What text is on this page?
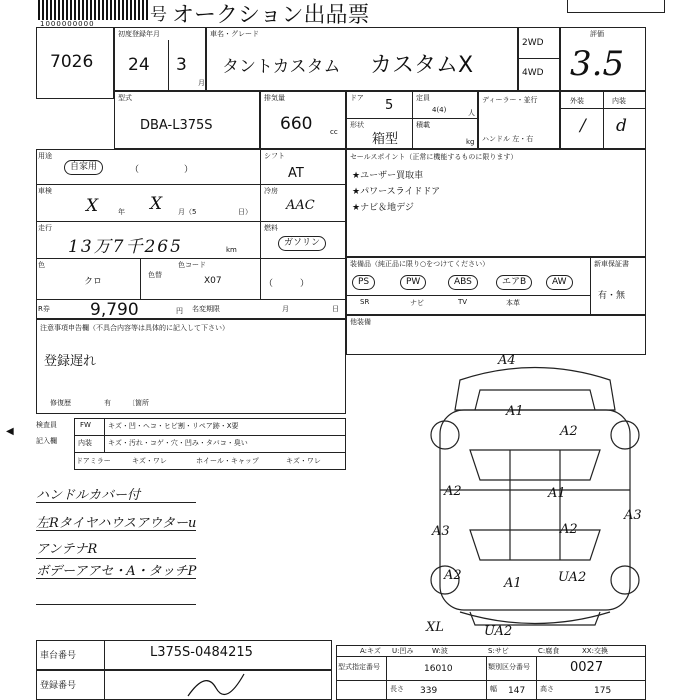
1000000000	号 オークション出品票
7026
初度登録年月
24 3
月
車名・グレード
タントカスタム カスタムX
2WD
4WD
評価
3.5
型式
DBA-L375S
排気量
660	cc
ドア 5	定員
4(4)	人
形状
箱型
積載
kg
ディーラー・並行
ハンドル 左・右
外装	内装
/ d
用途
自家用	（　　　　　）
シフト
AT
車検
X	年 X 月（5	日）
冷房
AAC
走行
13万7千265	km
燃料
ガソリン
色
クロ
色替
色コード
X07	（　　　）
R券 9,790	円 名変期限	月	日
注意事項申告欄（不具合内容等は具体的に記入して下さい）
登録遅れ
修復歴	有 〔箇所
◀
検査員
記入欄
FW キズ・凹・ヘコ・ヒビ割・リペア跡・X要
内装 キズ・汚れ・コゲ・穴・凹み・タバコ・臭い
ドアミラー	キズ・ワレ	ホイール・キャップ	キズ・ワレ
ハンドルカバー付
左Rタイヤハウスアウターu
アンテナR
ボデーアアセ・A・タッチP
セールスポイント（正常に機能するものに限ります）
★ユーザー買取車
★パワースライドドア
★ナビ＆地デジ
装備品（純正品に限り○をつけてください）	新車保証書
PS	PW	ABS	エアB	AW
SR	ナビ	TV	本革
有・無
他装備
A4
A1
A2
A2	A1
A3
A2
A3
A2
A1	UA2
XL	UA2
車台番号	L375S-0484215
登録番号
A:キズ U:凹み	W:波	S:サビ	C:腐食	XX:交換
型式指定番号	16010	類別区分番号	0027
長さ 339	幅 147 高さ	175
